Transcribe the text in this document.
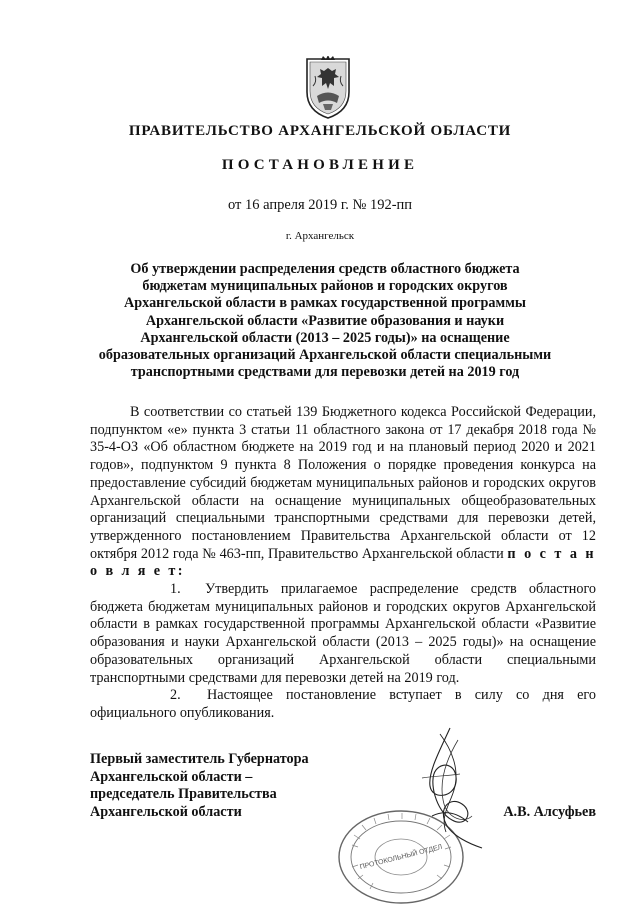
ПРАВИТЕЛЬСТВО АРХАНГЕЛЬСКОЙ ОБЛАСТИ
ПОСТАНОВЛЕНИЕ
от 16 апреля 2019 г. № 192-пп
г. Архангельск
Об утверждении распределения средств областного бюджета
бюджетам муниципальных районов и городских округов
Архангельской области в рамках государственной программы
Архангельской области «Развитие образования и науки
Архангельской области (2013 – 2025 годы)» на оснащение
образовательных организаций Архангельской области специальными
транспортными средствами для перевозки детей на 2019 год

В соответствии со статьей 139 Бюджетного кодекса Российской Федерации, подпунктом «е» пункта 3 статьи 11 областного закона от 17 декабря 2018 года № 35-4-ОЗ «Об областном бюджете на 2019 год и на плановый период 2020 и 2021 годов», подпунктом 9 пункта 8 Положения о порядке проведения конкурса на предоставление субсидий бюджетам муниципальных районов и городских округов Архангельской области на оснащение муниципальных общеобразовательных организаций специальными транспортными средствами для перевозки детей, утвержденного постановлением Правительства Архангельской области от 12 октября 2012 года № 463-пп, Правительство Архангельской области п о с т а н о в л я е т:

1. Утвердить прилагаемое распределение средств областного бюджета бюджетам муниципальных районов и городских округов Архангельской области в рамках государственной программы Архангельской области «Развитие образования и науки Архангельской области (2013 – 2025 годы)» на оснащение образовательных организаций Архангельской области специальными транспортными средствами для перевозки детей на 2019 год.

2. Настоящее постановление вступает в силу со дня его официального опубликования.

Первый заместитель Губернатора
Архангельской области –
председатель Правительства
Архангельской области
ПРОТОКОЛЬНЫЙ ОТДЕЛ
А.В. Алсуфьев
